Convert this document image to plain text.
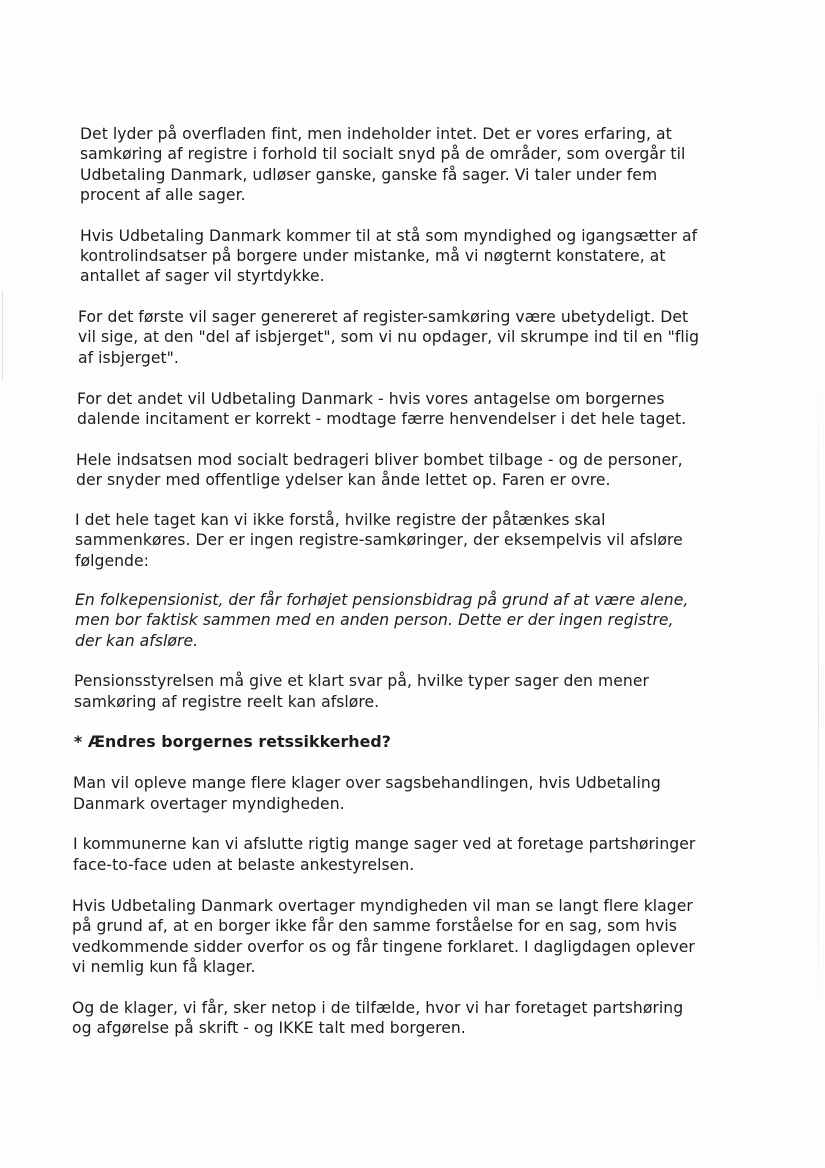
Det lyder på overfladen fint, men indeholder intet. Det er vores erfaring, at
samkøring af registre i forhold til socialt snyd på de områder, som overgår til
Udbetaling Danmark, udløser ganske, ganske få sager. Vi taler under fem
procent af alle sager.

Hvis Udbetaling Danmark kommer til at stå som myndighed og igangsætter af
kontrolindsatser på borgere under mistanke, må vi nøgternt konstatere, at
antallet af sager vil styrtdykke.

For det første vil sager genereret af register-samkøring være ubetydeligt. Det
vil sige, at den "del af isbjerget", som vi nu opdager, vil skrumpe ind til en "flig
af isbjerget".

For det andet vil Udbetaling Danmark - hvis vores antagelse om borgernes
dalende incitament er korrekt - modtage færre henvendelser i det hele taget.

Hele indsatsen mod socialt bedrageri bliver bombet tilbage - og de personer,
der snyder med offentlige ydelser kan ånde lettet op. Faren er ovre.

I det hele taget kan vi ikke forstå, hvilke registre der påtænkes skal
sammenkøres. Der er ingen registre-samkøringer, der eksempelvis vil afsløre
følgende:

En folkepensionist, der får forhøjet pensionsbidrag på grund af at være alene,
men bor faktisk sammen med en anden person. Dette er der ingen registre,
der kan afsløre.

Pensionsstyrelsen må give et klart svar på, hvilke typer sager den mener
samkøring af registre reelt kan afsløre.

* Ændres borgernes retssikkerhed?

Man vil opleve mange flere klager over sagsbehandlingen, hvis Udbetaling
Danmark overtager myndigheden.

I kommunerne kan vi afslutte rigtig mange sager ved at foretage partshøringer
face-to-face uden at belaste ankestyrelsen.

Hvis Udbetaling Danmark overtager myndigheden vil man se langt flere klager
på grund af, at en borger ikke får den samme forståelse for en sag, som hvis
vedkommende sidder overfor os og får tingene forklaret. I dagligdagen oplever
vi nemlig kun få klager.

Og de klager, vi får, sker netop i de tilfælde, hvor vi har foretaget partshøring
og afgørelse på skrift - og IKKE talt med borgeren.
